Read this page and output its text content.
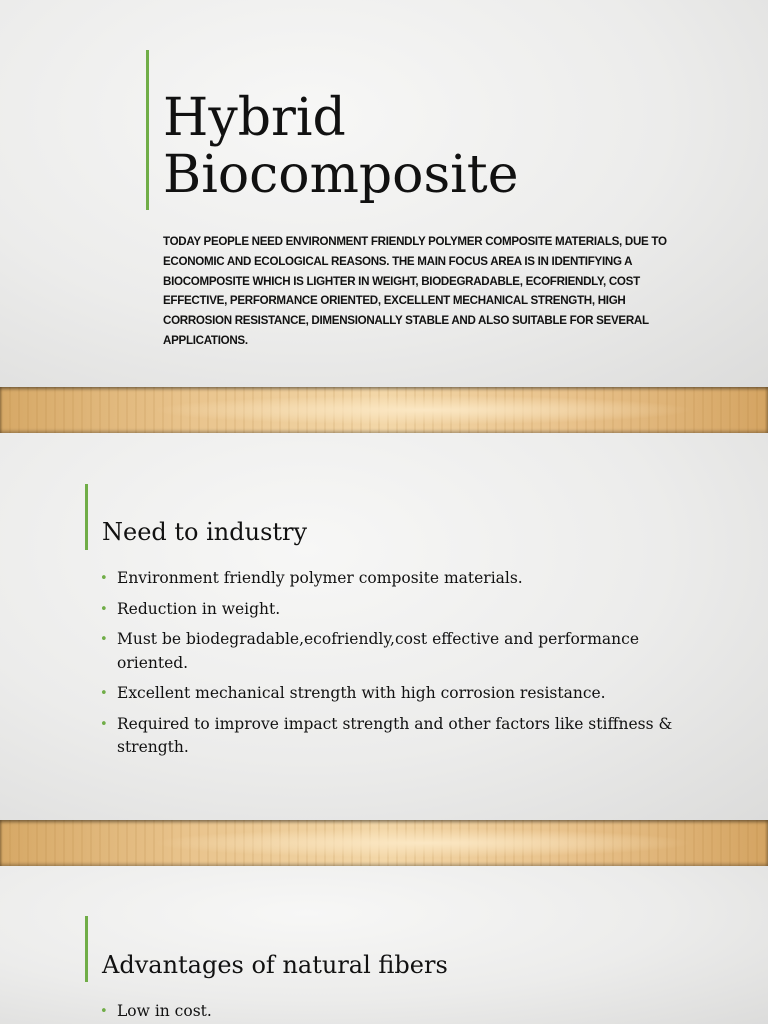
Hybrid
Biocomposite

TODAY PEOPLE NEED ENVIRONMENT FRIENDLY POLYMER COMPOSITE MATERIALS, DUE TO ECONOMIC AND ECOLOGICAL REASONS. THE MAIN FOCUS AREA IS IN IDENTIFYING A BIOCOMPOSITE WHICH IS LIGHTER IN WEIGHT, BIODEGRADABLE, ECOFRIENDLY, COST EFFECTIVE, PERFORMANCE ORIENTED, EXCELLENT MECHANICAL STRENGTH, HIGH CORROSION RESISTANCE, DIMENSIONALLY STABLE AND ALSO SUITABLE FOR SEVERAL APPLICATIONS.

Need to industry
• Environment friendly polymer composite materials.
• Reduction in weight.
• Must be biodegradable,ecofriendly,cost effective and performance oriented.
• Excellent mechanical strength with high corrosion resistance.
• Required to improve impact strength and other factors like stiffness & strength.
Advantages of natural fibers
• Low in cost.
